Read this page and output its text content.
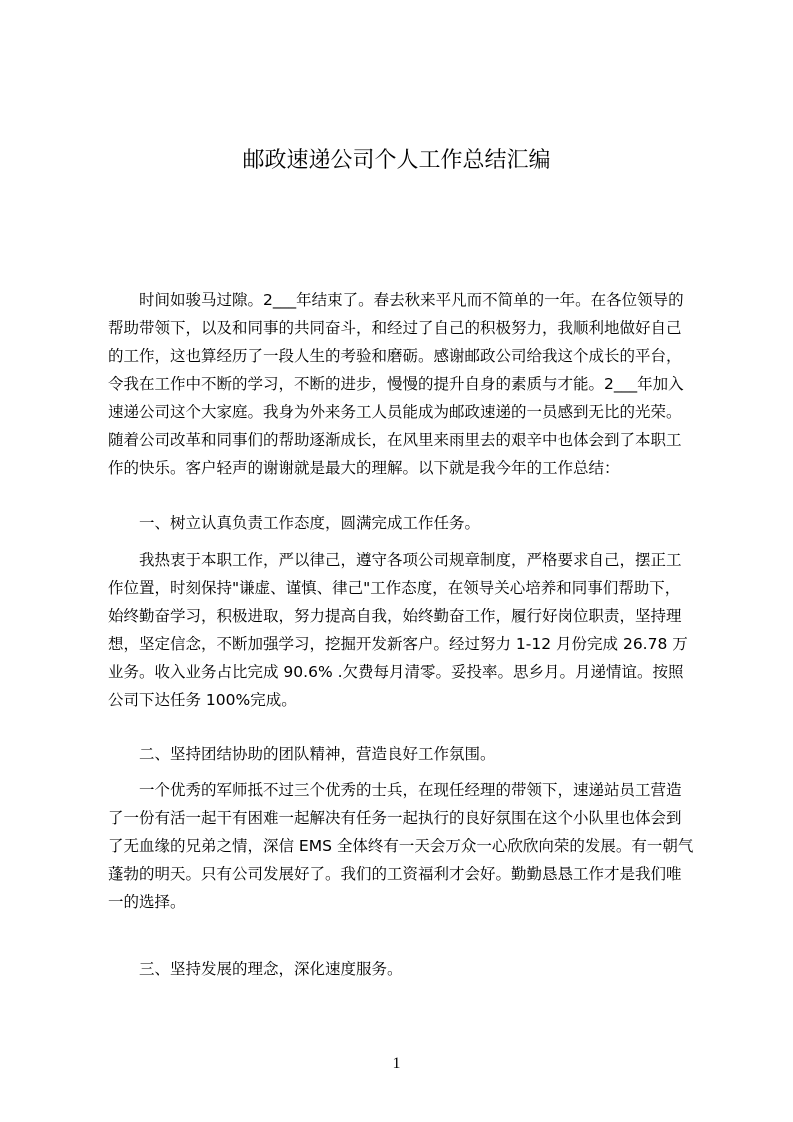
邮政速递公司个人工作总结汇编
　　时间如骏马过隙。2___年结束了。春去秋来平凡而不简单的一年。在各位领导的
帮助带领下，以及和同事的共同奋斗，和经过了自己的积极努力，我顺利地做好自己
的工作，这也算经历了一段人生的考验和磨砺。感谢邮政公司给我这个成长的平台，
令我在工作中不断的学习，不断的进步，慢慢的提升自身的素质与才能。2___年加入
速递公司这个大家庭。我身为外来务工人员能成为邮政速递的一员感到无比的光荣。
随着公司改革和同事们的帮助逐渐成长，在风里来雨里去的艰辛中也体会到了本职工
作的快乐。客户轻声的谢谢就是最大的理解。以下就是我今年的工作总结：
　　一、树立认真负责工作态度，圆满完成工作任务。
　　我热衷于本职工作，严以律己，遵守各项公司规章制度，严格要求自己，摆正工
作位置，时刻保持"谦虚、谨慎、律己"工作态度，在领导关心培养和同事们帮助下，
始终勤奋学习，积极进取，努力提高自我，始终勤奋工作，履行好岗位职责，坚持理
想，坚定信念，不断加强学习，挖掘开发新客户。经过努力 1-12 月份完成 26.78 万
业务。收入业务占比完成 90.6% .欠费每月清零。妥投率。思乡月。月递情谊。按照
公司下达任务 100%完成。
　　二、坚持团结协助的团队精神，营造良好工作氛围。
　　一个优秀的军师抵不过三个优秀的士兵，在现任经理的带领下，速递站员工营造
了一份有活一起干有困难一起解决有任务一起执行的良好氛围在这个小队里也体会到
了无血缘的兄弟之情，深信 EMS 全体终有一天会万众一心欣欣向荣的发展。有一朝气
蓬勃的明天。只有公司发展好了。我们的工资福利才会好。勤勤恳恳工作才是我们唯
一的选择。
　　三、坚持发展的理念，深化速度服务。
1
